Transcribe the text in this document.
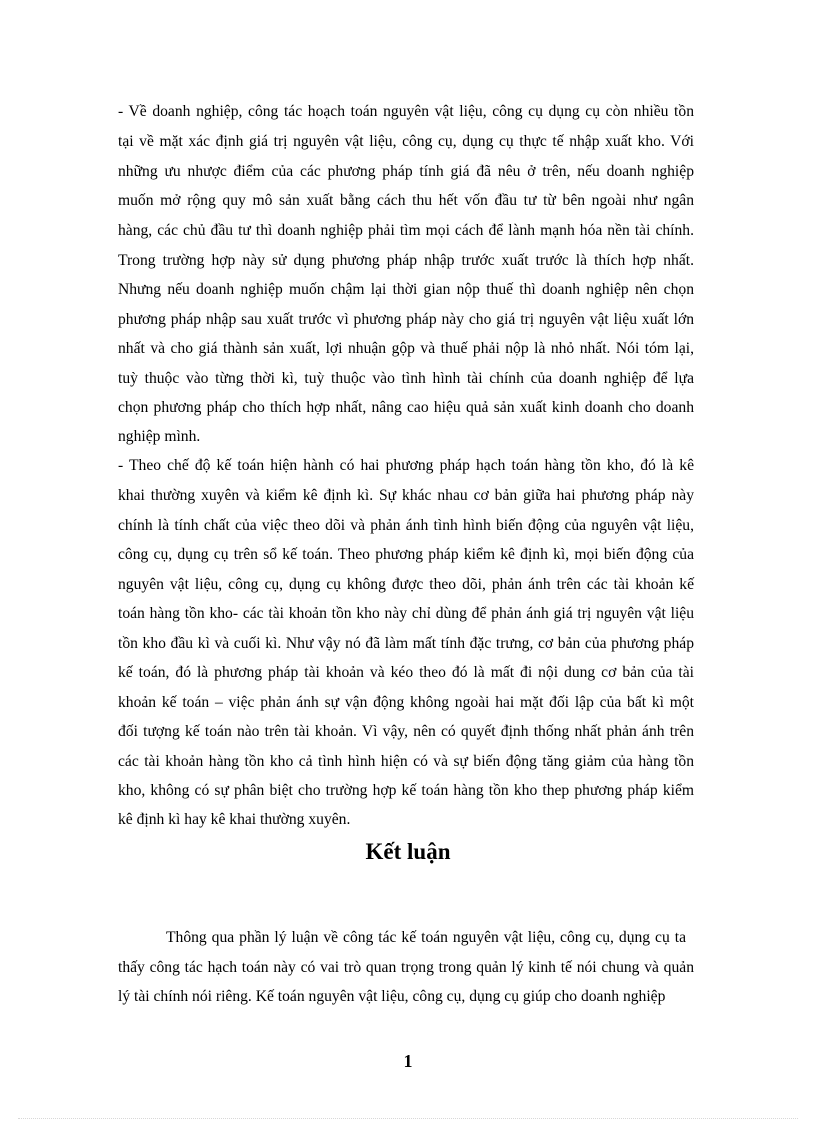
- Về doanh nghiệp, công tác hoạch toán nguyên vật liệu, công cụ dụng cụ còn nhiều tồn
tại về mặt xác định giá trị nguyên vật liệu, công cụ, dụng cụ thực tế nhập xuất kho. Với
những ưu nhược điểm của các phương pháp tính giá đã nêu ở trên, nếu doanh nghiệp
muốn mở rộng quy mô sản xuất bằng cách thu hết vốn đầu tư từ bên ngoài như ngân
hàng, các chủ đầu tư thì doanh nghiệp phải tìm mọi cách để lành mạnh hóa nền tài chính.
Trong trường hợp này sử dụng phương pháp nhập trước xuất trước là thích hợp nhất.
Nhưng nếu doanh nghiệp muốn chậm lại thời gian nộp thuế thì doanh nghiệp nên chọn
phương pháp nhập sau xuất trước vì phương pháp này cho giá trị nguyên vật liệu xuất lớn
nhất và cho giá thành sản xuất, lợi nhuận gộp và thuế phải nộp là nhỏ nhất. Nói tóm lại,
tuỳ thuộc vào từng thời kì, tuỳ thuộc vào tình hình tài chính của doanh nghiệp để lựa
chọn phương pháp cho thích hợp nhất, nâng cao hiệu quả sản xuất kinh doanh cho doanh
nghiệp mình.
- Theo chế độ kế toán hiện hành có hai phương pháp hạch toán hàng tồn kho, đó là kê
khai thường xuyên và kiểm kê định kì. Sự khác nhau cơ bản giữa hai phương pháp này
chính là tính chất của việc theo dõi và phản ánh tình hình biến động của nguyên vật liệu,
công cụ, dụng cụ trên sổ kế toán. Theo phương pháp kiểm kê định kì, mọi biến động của
nguyên vật liệu, công cụ, dụng cụ không được theo dõi, phản ánh trên các tài khoản kế
toán hàng tồn kho- các tài khoản tồn kho này chỉ dùng để phản ánh giá trị nguyên vật liệu
tồn kho đầu kì và cuối kì. Như vậy nó đã làm mất tính đặc trưng, cơ bản của phương pháp
kế toán, đó là phương pháp tài khoản và kéo theo đó là mất đi nội dung cơ bản của tài
khoản kế toán – việc phản ánh sự vận động không ngoài hai mặt đối lập của bất kì một
đối tượng kế toán nào trên tài khoản. Vì vậy, nên có quyết định thống nhất phản ánh trên
các tài khoản hàng tồn kho cả tình hình hiện có và sự biến động tăng giảm của hàng tồn
kho, không có sự phân biệt cho trường hợp kế toán hàng tồn kho thep phương pháp kiểm
kê định kì hay kê khai thường xuyên.
Kết luận
Thông qua phần lý luận về công tác kế toán nguyên vật liệu, công cụ, dụng cụ ta
thấy công tác hạch toán này có vai trò quan trọng trong quản lý kinh tế nói chung và quản
lý tài chính nói riêng. Kế toán nguyên vật liệu, công cụ, dụng cụ giúp cho doanh nghiệp
1
